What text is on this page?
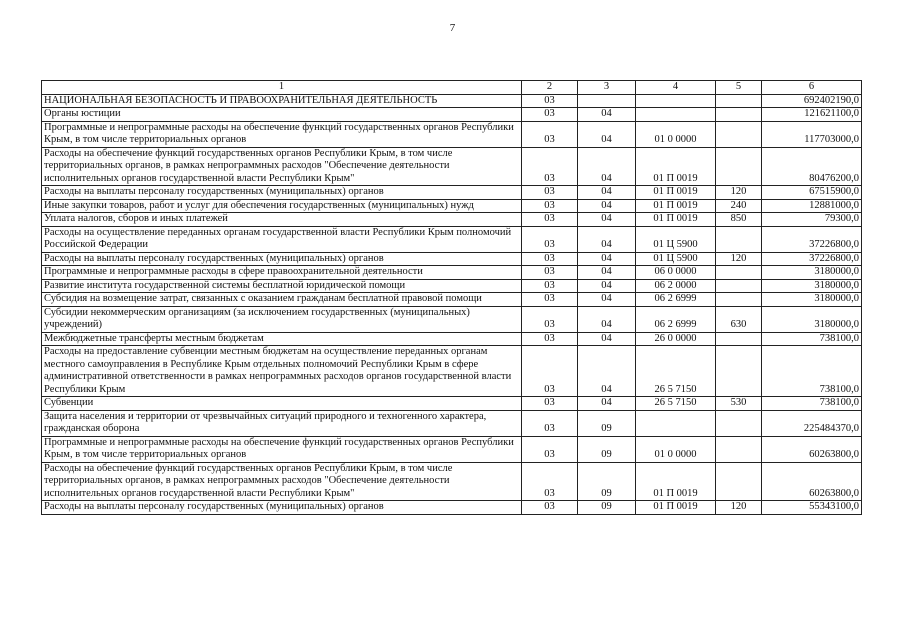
7
1	2	3	4	5	6
НАЦИОНАЛЬНАЯ БЕЗОПАСНОСТЬ И ПРАВООХРАНИТЕЛЬНАЯ ДЕЯТЕЛЬНОСТЬ	03				692402190,0
Органы юстиции	03	04			121621100,0
Программные и непрограммные расходы на обеспечение функций государственных органов Республики Крым, в том числе территориальных органов	03	04	01 0 0000		117703000,0
Расходы на обеспечение функций государственных органов Республики Крым, в том числе территориальных органов, в рамках непрограммных расходов "Обеспечение деятельности исполнительных органов государственной власти Республики Крым"	03	04	01 П 0019		80476200,0
Расходы на выплаты персоналу государственных (муниципальных) органов	03	04	01 П 0019	120	67515900,0
Иные закупки товаров, работ и услуг для обеспечения государственных (муниципальных) нужд	03	04	01 П 0019	240	12881000,0
Уплата налогов, сборов и иных платежей	03	04	01 П 0019	850	79300,0
Расходы на осуществление переданных органам государственной власти Республики Крым полномочий Российской Федерации	03	04	01 Ц 5900		37226800,0
Расходы на выплаты персоналу государственных (муниципальных) органов	03	04	01 Ц 5900	120	37226800,0
Программные и непрограммные расходы в сфере правоохранительной деятельности	03	04	06 0 0000		3180000,0
Развитие института государственной системы бесплатной юридической помощи	03	04	06 2 0000		3180000,0
Субсидия на возмещение затрат, связанных с оказанием гражданам бесплатной правовой помощи	03	04	06 2 6999		3180000,0
Субсидии некоммерческим организациям (за исключением государственных (муниципальных) учреждений)	03	04	06 2 6999	630	3180000,0
Межбюджетные трансферты местным бюджетам	03	04	26 0 0000		738100,0
Расходы на предоставление субвенции местным бюджетам на осуществление переданных органам местного самоуправления в Республике Крым отдельных полномочий Республики Крым в сфере административной ответственности в рамках непрограммных расходов органов государственной власти Республики Крым	03	04	26 5 7150		738100,0
Субвенции	03	04	26 5 7150	530	738100,0
Защита населения и территории от чрезвычайных ситуаций природного и техногенного характера, гражданская оборона	03	09			225484370,0
Программные и непрограммные расходы на обеспечение функций государственных органов Республики Крым, в том числе территориальных органов	03	09	01 0 0000		60263800,0
Расходы на обеспечение функций государственных органов Республики Крым, в том числе территориальных органов, в рамках непрограммных расходов "Обеспечение деятельности исполнительных органов государственной власти Республики Крым"	03	09	01 П 0019		60263800,0
Расходы на выплаты персоналу государственных (муниципальных) органов	03	09	01 П 0019	120	55343100,0
